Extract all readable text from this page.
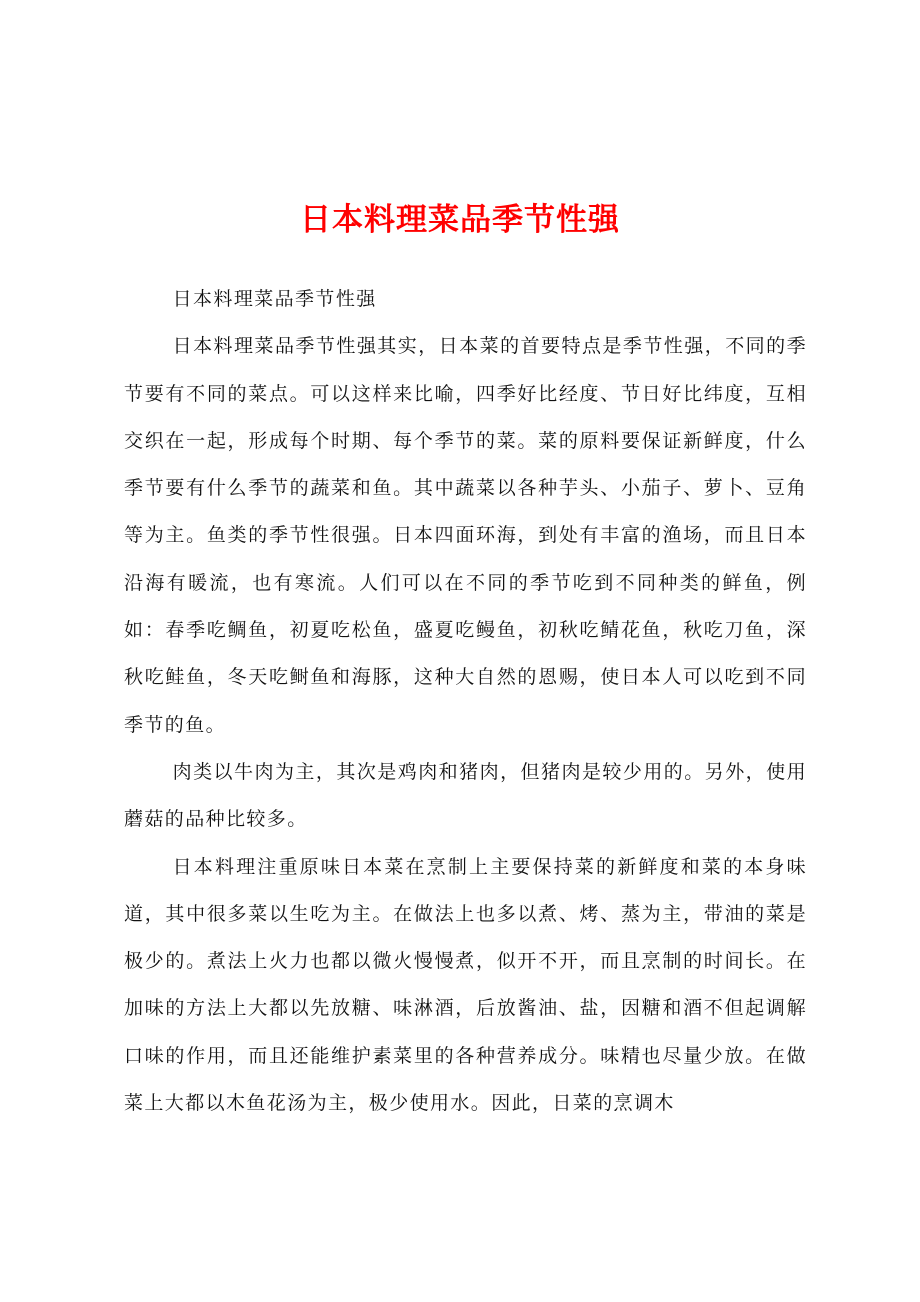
日本料理菜品季节性强

日本料理菜品季节性强

日本料理菜品季节性强其实，日本菜的首要特点是季节性强，不同的季节要有不同的菜点。可以这样来比喻，四季好比经度、节日好比纬度，互相交织在一起，形成每个时期、每个季节的菜。菜的原料要保证新鲜度，什么季节要有什么季节的蔬菜和鱼。其中蔬菜以各种芋头、小茄子、萝卜、豆角等为主。鱼类的季节性很强。日本四面环海，到处有丰富的渔场，而且日本沿海有暖流，也有寒流。人们可以在不同的季节吃到不同种类的鲜鱼，例如：春季吃鲷鱼，初夏吃松鱼，盛夏吃鳗鱼，初秋吃鲭花鱼，秋吃刀鱼，深秋吃鲑鱼，冬天吃鲥鱼和海豚，这种大自然的恩赐，使日本人可以吃到不同季节的鱼。

肉类以牛肉为主，其次是鸡肉和猪肉，但猪肉是较少用的。另外，使用蘑菇的品种比较多。

日本料理注重原味日本菜在烹制上主要保持菜的新鲜度和菜的本身味道，其中很多菜以生吃为主。在做法上也多以煮、烤、蒸为主，带油的菜是极少的。煮法上火力也都以微火慢慢煮，似开不开，而且烹制的时间长。在加味的方法上大都以先放糖、味淋酒，后放酱油、盐，因糖和酒不但起调解口味的作用，而且还能维护素菜里的各种营养成分。味精也尽量少放。在做菜上大都以木鱼花汤为主，极少使用水。因此，日菜的烹调木
